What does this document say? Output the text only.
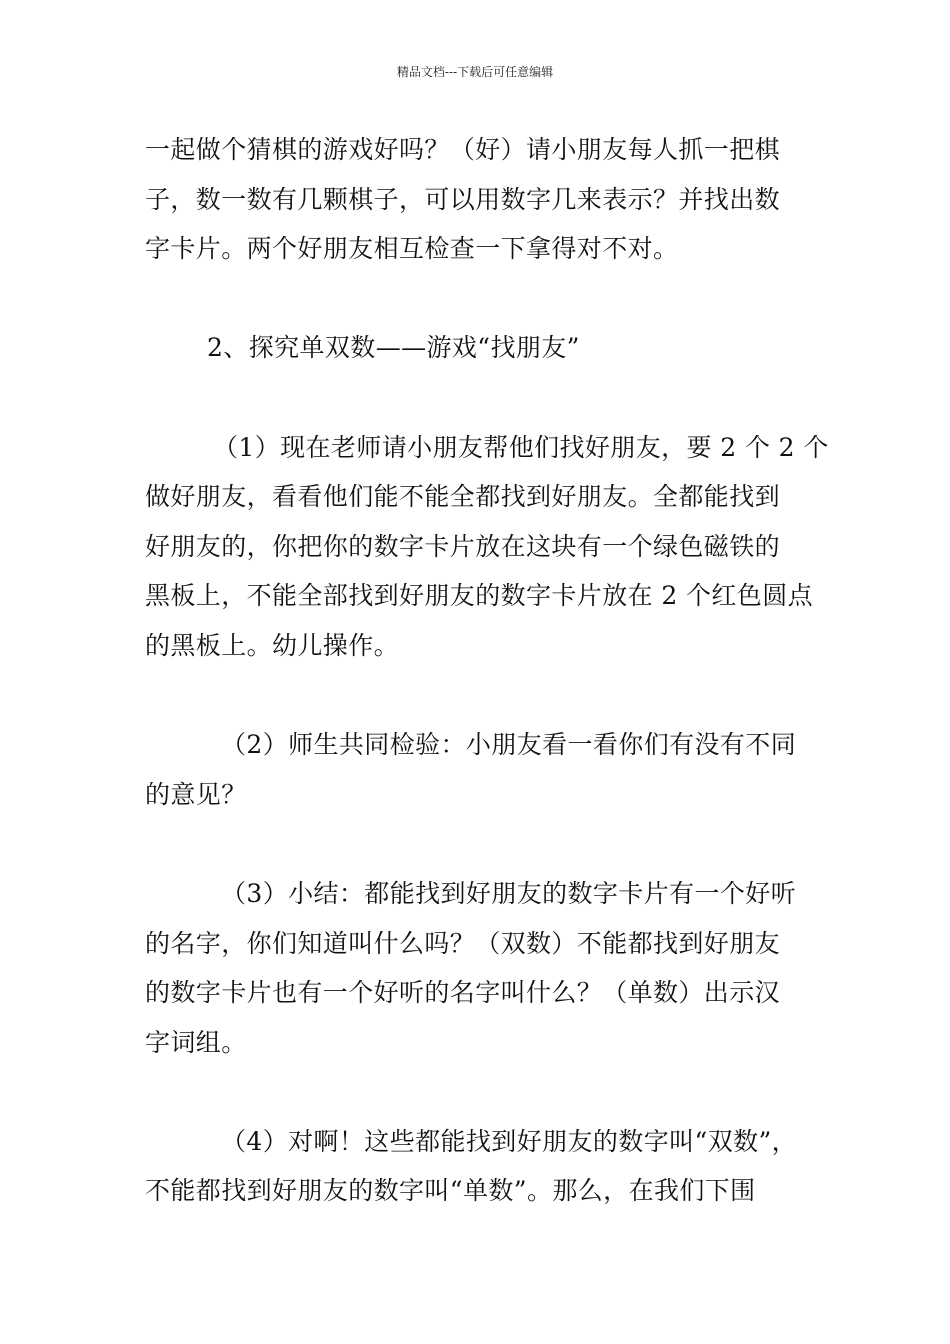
精品文档---下载后可任意编辑

一起做个猜棋的游戏好吗？（好）请小朋友每人抓一把棋
子，数一数有几颗棋子，可以用数字几来表示？并找出数
字卡片。两个好朋友相互检查一下拿得对不对。

2、探究单双数——游戏“找朋友”

（1）现在老师请小朋友帮他们找好朋友，要 2 个 2 个
做好朋友，看看他们能不能全都找到好朋友。全都能找到
好朋友的，你把你的数字卡片放在这块有一个绿色磁铁的
黑板上，不能全部找到好朋友的数字卡片放在 2 个红色圆点
的黑板上。幼儿操作。

（2）师生共同检验：小朋友看一看你们有没有不同
的意见？

（3）小结：都能找到好朋友的数字卡片有一个好听
的名字，你们知道叫什么吗？（双数）不能都找到好朋友
的数字卡片也有一个好听的名字叫什么？（单数）出示汉
字词组。

（4）对啊！这些都能找到好朋友的数字叫“双数”，
不能都找到好朋友的数字叫“单数”。那么，在我们下围
